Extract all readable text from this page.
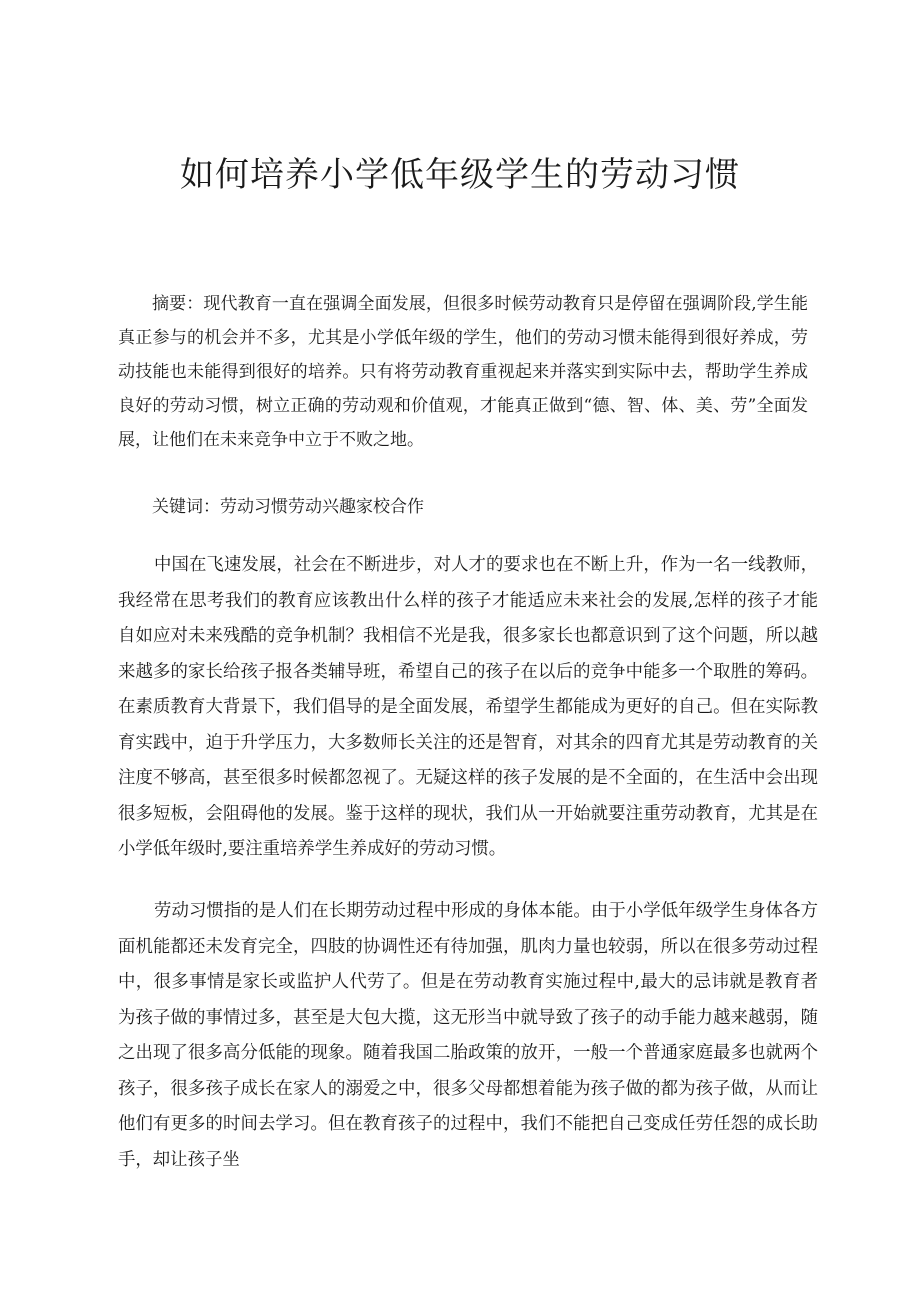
如何培养小学低年级学生的劳动习惯

摘要：现代教育一直在强调全面发展，但很多时候劳动教育只是停留在强调阶段,学生能真正参与的机会并不多，尤其是小学低年级的学生，他们的劳动习惯未能得到很好养成，劳动技能也未能得到很好的培养。只有将劳动教育重视起来并落实到实际中去，帮助学生养成良好的劳动习惯，树立正确的劳动观和价值观，才能真正做到“德、智、体、美、劳”全面发展，让他们在未来竞争中立于不败之地。

关键词：劳动习惯劳动兴趣家校合作

中国在飞速发展，社会在不断进步，对人才的要求也在不断上升，作为一名一线教师，我经常在思考我们的教育应该教出什么样的孩子才能适应未来社会的发展,怎样的孩子才能自如应对未来残酷的竞争机制？我相信不光是我，很多家长也都意识到了这个问题，所以越来越多的家长给孩子报各类辅导班，希望自己的孩子在以后的竞争中能多一个取胜的筹码。在素质教育大背景下，我们倡导的是全面发展，希望学生都能成为更好的自己。但在实际教育实践中，迫于升学压力，大多数师长关注的还是智育，对其余的四育尤其是劳动教育的关注度不够高，甚至很多时候都忽视了。无疑这样的孩子发展的是不全面的，在生活中会出现很多短板，会阻碍他的发展。鉴于这样的现状，我们从一开始就要注重劳动教育，尤其是在小学低年级时,要注重培养学生养成好的劳动习惯。

劳动习惯指的是人们在长期劳动过程中形成的身体本能。由于小学低年级学生身体各方面机能都还未发育完全，四肢的协调性还有待加强，肌肉力量也较弱，所以在很多劳动过程中，很多事情是家长或监护人代劳了。但是在劳动教育实施过程中,最大的忌讳就是教育者为孩子做的事情过多，甚至是大包大揽，这无形当中就导致了孩子的动手能力越来越弱，随之出现了很多高分低能的现象。随着我国二胎政策的放开，一般一个普通家庭最多也就两个孩子，很多孩子成长在家人的溺爱之中，很多父母都想着能为孩子做的都为孩子做，从而让他们有更多的时间去学习。但在教育孩子的过程中，我们不能把自己变成任劳任怨的成长助手，却让孩子坐
